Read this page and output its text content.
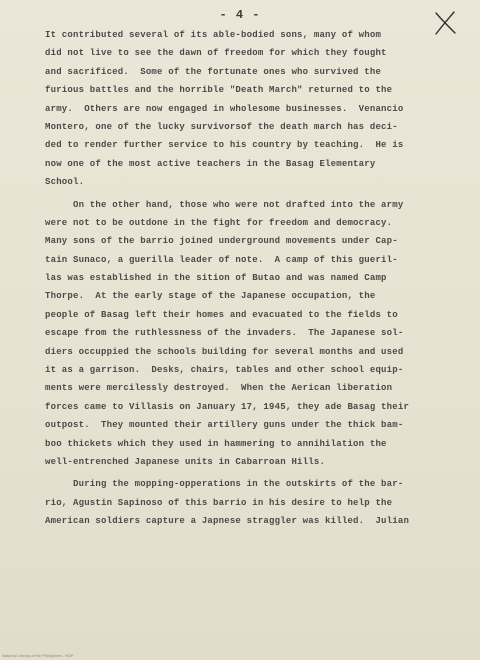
- 4 -
It contributed several of its able-bodied sons, many of whom
did not live to see the dawn of freedom for which they fought
and sacrificed.  Some of the fortunate ones who survived the
furious battles and the horrible "Death March" returned to the
army.  Others are now engaged in wholesome businesses.  Venancio
Montero, one of the lucky survivorsof the death march has deci-
ded to render further service to his country by teaching.  He is
now one of the most active teachers in the Basag Elementary
School.
On the other hand, those who were not drafted into the army
were not to be outdone in the fight for freedom and democracy.
Many sons of the barrio joined underground movements under Cap-
tain Sunaco, a guerilla leader of note.  A camp of this gueril-
las was established in the sition of Butao and was named Camp
Thorpe.  At the early stage of the Japanese occupation, the
people of Basag left their homes and evacuated to the fields to
escape from the ruthlessness of the invaders.  The Japanese sol-
diers occuppied the schools building for several months and used
it as a garrison.  Desks, chairs, tables and other school equip-
ments were mercilessly destroyed.  When the Aerican liberation
forces came to Villasis on January 17, 1945, they ade Basag their
outpost.  They mounted their artillery guns under the thick bam-
boo thickets which they used in hammering to annihilation the
well-entrenched Japanese units in Cabarroan Hills.
During the mopping-opperations in the outskirts of the bar-
rio, Agustin Sapinoso of this barrio in his desire to help the
American soldiers capture a Japnese straggler was killed.  Julian
National Library of the Philippines - HDP
